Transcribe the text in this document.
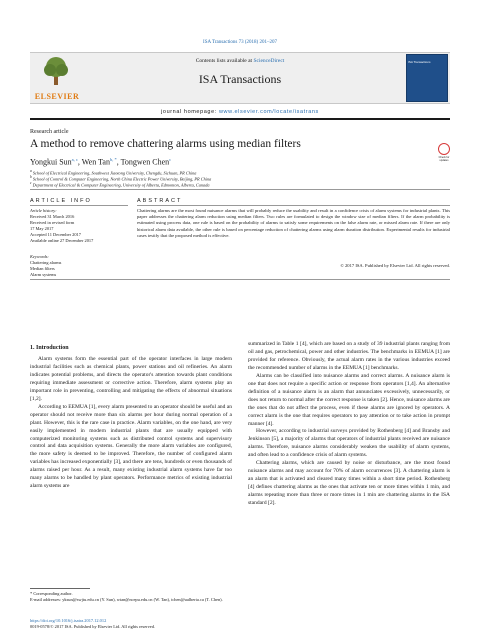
ISA Transactions 73 (2018) 201–207
ELSEVIER
Contents lists available at ScienceDirect
ISA Transactions
ISA Transactions
journal homepage: www.elsevier.com/locate/isatrans
Research article
A method to remove chattering alarms using median filters
Check for updates
Yongkui Sun$^{a, c}$, Wen Tan$^{b, *}$, Tongwen Chen$^c$
$^a$ School of Electrical Engineering, Southwest Jiaotong University, Chengdu, Sichuan, PR China
$^b$ School of Control & Computer Engineering, North China Electric Power University, Beijing, PR China
$^c$ Department of Electrical & Computer Engineering, University of Alberta, Edmonton, Alberta, Canada
ARTICLE INFO	ABSTRACT
Article history:
Received 31 March 2016
Received in revised form
17 May 2017
Accepted 11 December 2017
Available online 27 December 2017
Keywords:
Chattering alarms
Median filters
Alarm systems
Chattering alarms are the most found nuisance alarms that will probably reduce the usability and result in a confidence crisis of alarm systems for industrial plants. This paper addresses the chattering alarm reduction using median filters. Two rules are formulated to design the window size of median filters. If the alarm probability is estimated using process data, one rule is based on the probability of alarms to satisfy some requirements on the false alarm rate, or missed alarm rate. If there are only historical alarm data available, the other rule is based on percentage reduction of chattering alarms using alarm duration distribution. Experimental results for industrial cases testify that the proposed method is effective.
© 2017 ISA. Published by Elsevier Ltd. All rights reserved.
1. Introduction

Alarm systems form the essential part of the operator interfaces in large modern industrial facilities such as chemical plants, power stations and oil refineries. An alarm indicates potential problems, and directs the operator's attention towards plant conditions requiring immediate assessment or corrective action. Therefore, alarm systems play an important role in preventing, controlling and mitigating the effects of abnormal situations [1,2].

According to EEMUA [1], every alarm presented to an operator should be useful and an operator should not receive more than six alarms per hour during normal operation of a plant. However, this is the rare case in practice. Alarm variables, on the one hand, are very easily implemented in modern industrial plants that are usually equipped with computerized monitoring systems such as distributed control systems and supervisory control and data acquisition systems. Generally the more alarm variables are configured, the more safety is deemed to be improved. Therefore, the number of configured alarm variables has increased exponentially [3], and there are tens, hundreds or even thousands of alarms raised per hour. As a result, many existing industrial alarm systems have far too many alarms to be handled by plant operators. Performance metrics of existing industrial alarm systems are

summarized in Table 1 [4], which are based on a study of 39 industrial plants ranging from oil and gas, petrochemical, power and other industries. The benchmarks in EEMUA [1] are provided for reference. Obviously, the actual alarm rates in the various industries exceed the recommended number of alarms in the EEMUA [1] benchmarks.

Alarms can be classified into nuisance alarms and correct alarms. A nuisance alarm is one that does not require a specific action or response from operators [1,4]. An alternative definition of a nuisance alarm is an alarm that annunciates excessively, unnecessarily, or does not return to normal after the correct response is taken [2]. Hence, nuisance alarms are the ones that do not affect the process, even if these alarms are ignored by operators. A correct alarm is the one that requires operators to pay attention or to take action in prompt manner [4].

However, according to industrial surveys provided by Rothenberg [4] and Bransby and Jenkinson [5], a majority of alarms that operators of industrial plants received are nuisance alarms. Therefore, nuisance alarms considerably weaken the usability of alarm systems, and often lead to a confidence crisis of alarm systems.

Chattering alarms, which are caused by noise or disturbance, are the most found nuisance alarms and may account for 70% of alarm occurrences [3]. A chattering alarm is an alarm that is activated and cleared many times within a short time period. Rothenberg [4] defines chattering alarms as the ones that activate ten or more times within 1 min, and alarms repeating more than three or more times in 1 min are chattering alarms in the ISA standard [2].

* Corresponding author.
E-mail addresses: yksun@swjtu.edu.cn (Y. Sun), wtan@ncepu.edu.cn (W. Tan), tchen@ualberta.ca (T. Chen).
https://doi.org/10.1016/j.isatra.2017.12.012
0019-0578/© 2017 ISA. Published by Elsevier Ltd. All rights reserved.
